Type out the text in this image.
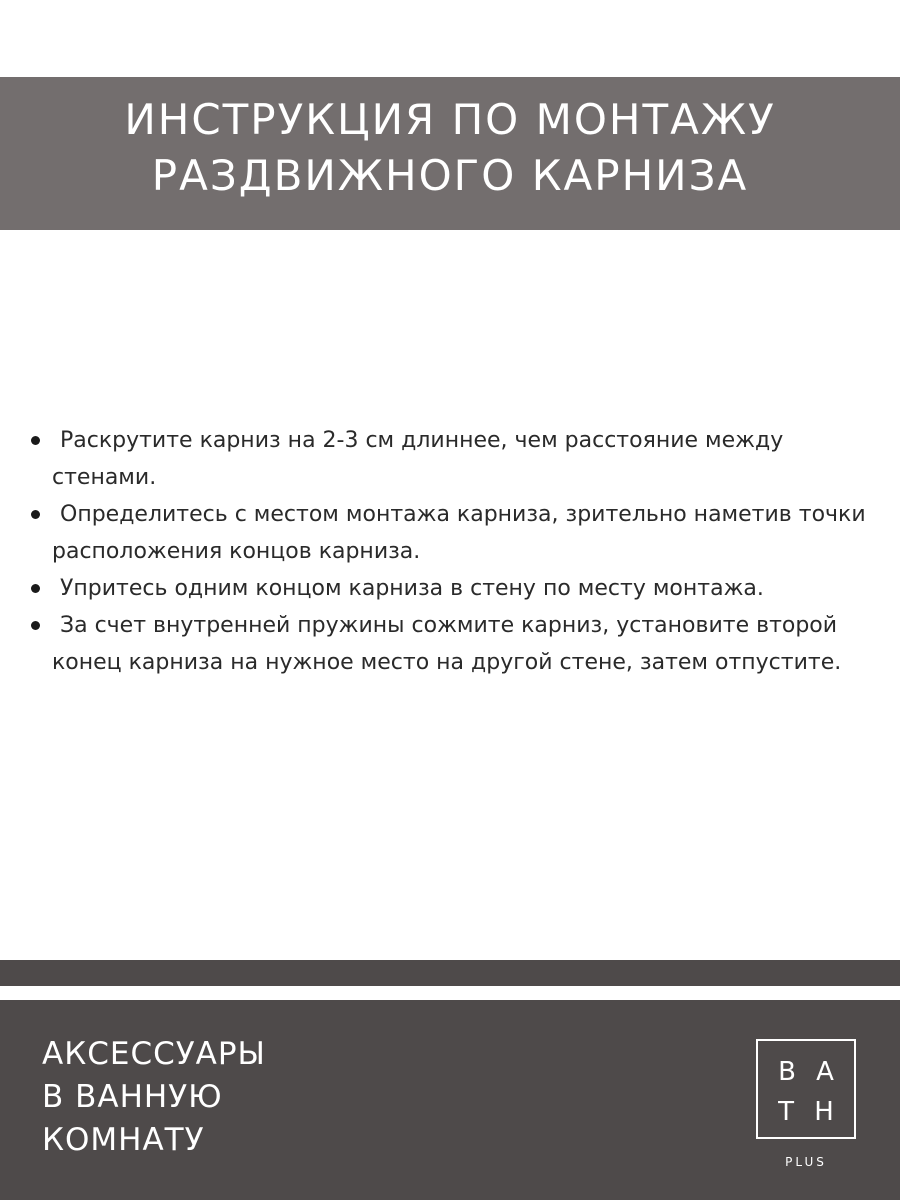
ИНСТРУКЦИЯ ПО МОНТАЖУ
РАЗДВИЖНОГО КАРНИЗА
Раскрутите карниз на 2-3 см длиннее, чем расстояние между стенами.
Определитесь с местом монтажа карниза, зрительно наметив точки расположения концов карниза.
Упритесь одним концом карниза в стену по месту монтажа.
За счет внутренней пружины сожмите карниз, установите второй конец карниза на нужное место на другой стене, затем отпустите.
АКСЕССУАРЫ
В ВАННУЮ
КОМНАТУ
B A
T H
PLUS
